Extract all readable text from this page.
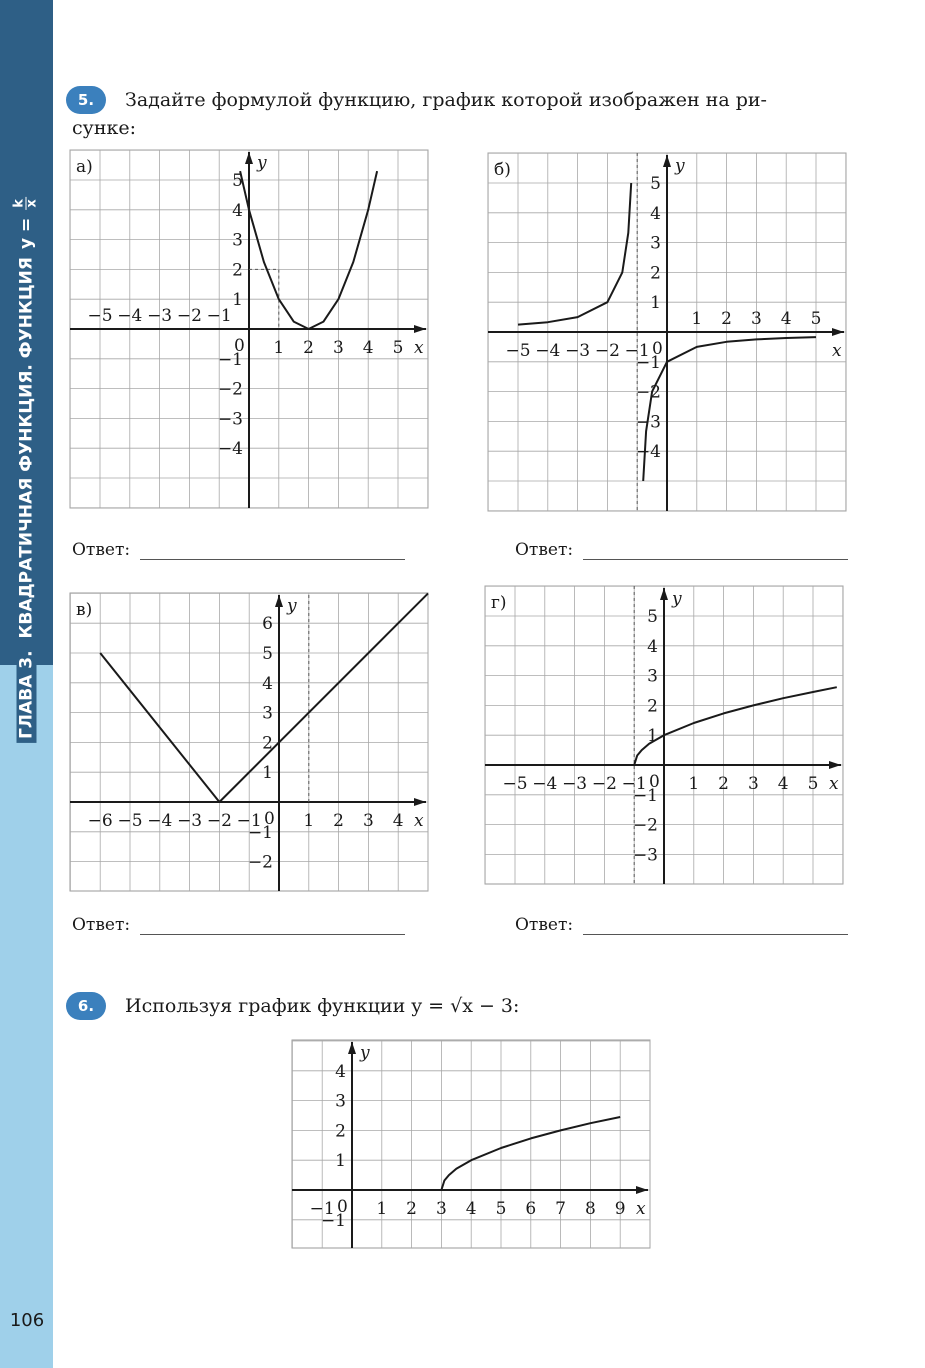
ГЛАВА 3.
КВАДРАТИЧНАЯ ФУНКЦИЯ. ФУНКЦИЯ
y =
k
x
106
5.	Задайте формулой функцию, график которой изображен на ри-
сунке:
x
y
0
а)
−5 −4 −3 −2 −1
1 2 3 4 5
−4
−3
−2
−1
1
2
3
4
5
x
y
0
б)
−5 −4 −3 −2 −1
1 2 3 4 5
−4
−3
−2
−1
1
2
3
4
5
x
y
0
в)
−6 −5 −4 −3 −2 −1 1 2 3 4
−2
−1
1
2
3
4
5
6
x
y
0
г)
−5 −4 −3 −2 −1 1 2 3 4 5
−3
−2
−1
1
2
3
4
5
Ответ:	Ответ:
Ответ:	Ответ:
6.	Используя график функции y = √x − 3:
x
y
0
−1 1 2 3 4 5 6 7 8 9
−1
1
2
3
4
